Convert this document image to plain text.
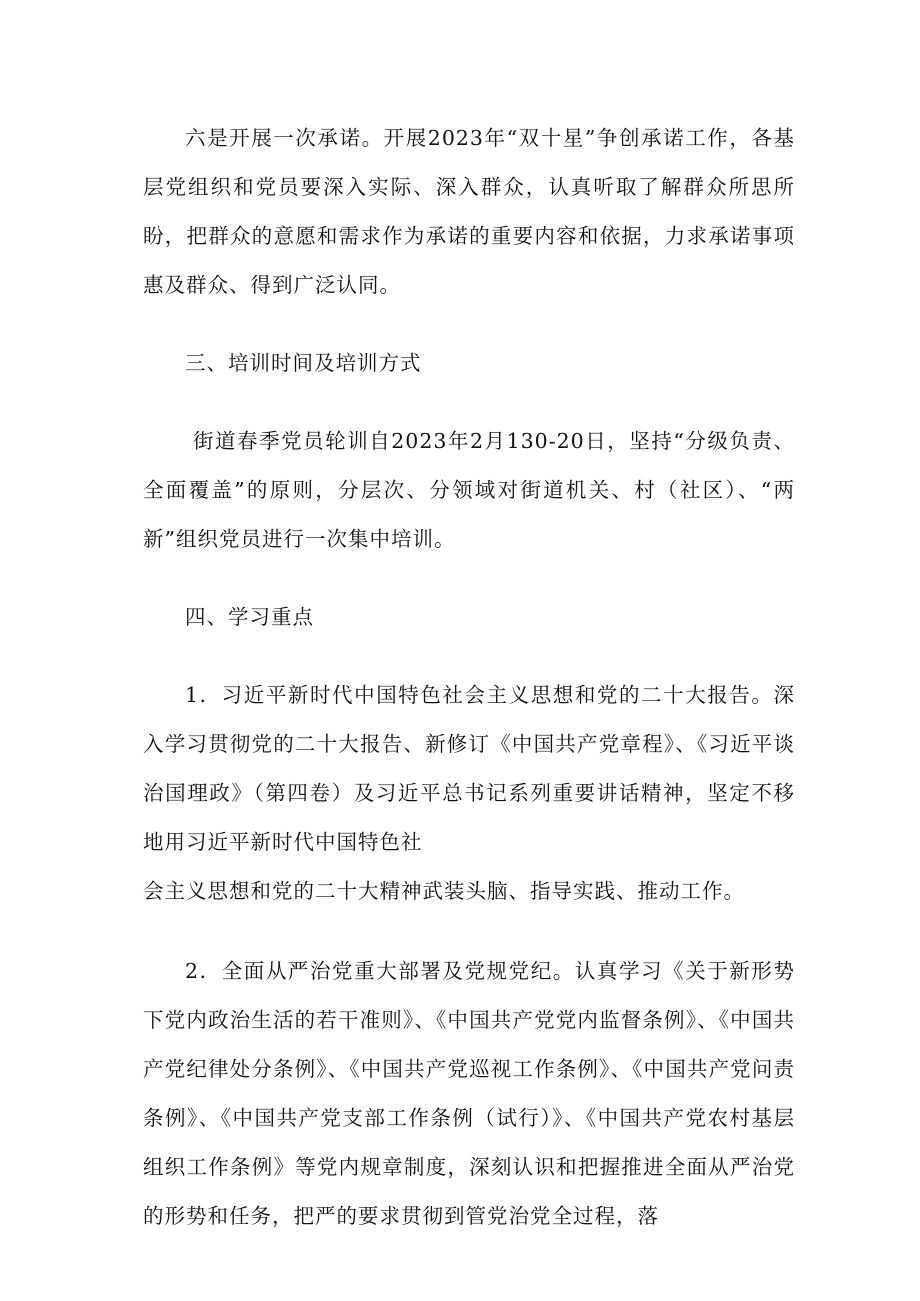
六是开展一次承诺。开展2023年“双十星”争创承诺工作，各基层党组织和党员要深入实际、深入群众，认真听取了解群众所思所盼，把群众的意愿和需求作为承诺的重要内容和依据，力求承诺事项惠及群众、得到广泛认同。

三、培训时间及培训方式

街道春季党员轮训自2023年2月130-20日，坚持“分级负责、全面覆盖”的原则，分层次、分领域对街道机关、村（社区）、“两新”组织党员进行一次集中培训。

四、学习重点

1．习近平新时代中国特色社会主义思想和党的二十大报告。深入学习贯彻党的二十大报告、新修订《中国共产党章程》、《习近平谈治国理政》（第四卷）及习近平总书记系列重要讲话精神，坚定不移地用习近平新时代中国特色社

会主义思想和党的二十大精神武装头脑、指导实践、推动工作。

2．全面从严治党重大部署及党规党纪。认真学习《关于新形势下党内政治生活的若干准则》、《中国共产党党内监督条例》、《中国共产党纪律处分条例》、《中国共产党巡视工作条例》、《中国共产党问责条例》、《中国共产党支部工作条例（试行）》、《中国共产党农村基层组织工作条例》等党内规章制度，深刻认识和把握推进全面从严治党的形势和任务，把严的要求贯彻到管党治党全过程，落
